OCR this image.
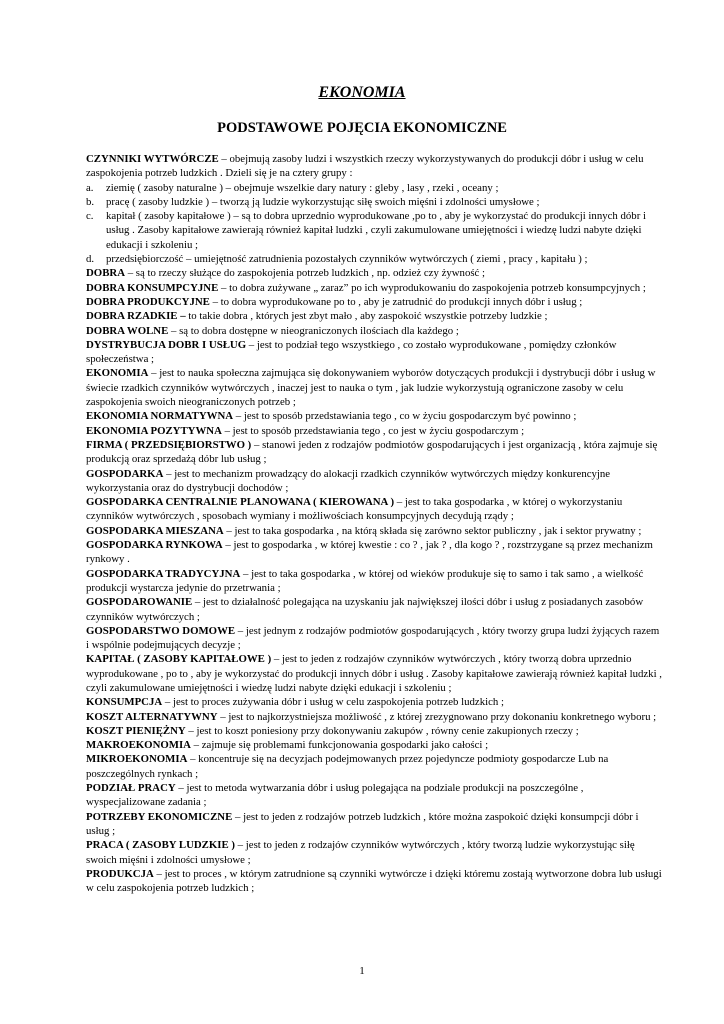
EKONOMIA
PODSTAWOWE POJĘCIA EKONOMICZNE

CZYNNIKI WYTWÓRCZE – obejmują zasoby ludzi i wszystkich rzeczy wykorzystywanych do produkcji dóbr i usług w celu zaspokojenia potrzeb ludzkich . Dzieli się je na cztery grupy :

a. ziemię ( zasoby naturalne ) – obejmuje wszelkie dary natury : gleby , lasy , rzeki , oceany ;
b. pracę ( zasoby ludzkie ) – tworzą ją ludzie wykorzystując siłę swoich mięśni i zdolności umysłowe ;
c. kapitał ( zasoby kapitałowe ) – są to dobra uprzednio wyprodukowane ,po to , aby je wykorzystać do produkcji innych dóbr i usług . Zasoby kapitałowe zawierają również kapitał ludzki , czyli zakumulowane umiejętności i wiedzę ludzi nabyte dzięki edukacji i szkoleniu ;
d. przedsiębiorczość – umiejętność zatrudnienia pozostałych czynników wytwórczych ( ziemi , pracy , kapitału ) ;

DOBRA – są to rzeczy służące do zaspokojenia potrzeb ludzkich , np. odzież czy żywność ;

DOBRA KONSUMPCYJNE – to dobra zużywane „ zaraz” po ich wyprodukowaniu do zaspokojenia potrzeb konsumpcyjnych ;

DOBRA PRODUKCYJNE – to dobra wyprodukowane po to , aby je zatrudnić do produkcji innych dóbr i usług ;

DOBRA RZADKIE – to takie dobra , których jest zbyt mało , aby zaspokoić wszystkie potrzeby ludzkie ;

DOBRA WOLNE – są to dobra dostępne w nieograniczonych ilościach dla każdego ;

DYSTRYBUCJA DOBR I USŁUG – jest to podział tego wszystkiego , co zostało wyprodukowane , pomiędzy członków społeczeństwa ;

EKONOMIA – jest to nauka społeczna zajmująca się dokonywaniem wyborów dotyczących produkcji i dystrybucji dóbr i usług w świecie rzadkich czynników wytwórczych , inaczej jest to nauka o tym , jak ludzie wykorzystują ograniczone zasoby w celu zaspokojenia swoich nieograniczonych potrzeb ;

EKONOMIA NORMATYWNA – jest to sposób przedstawiania tego , co w życiu gospodarczym być powinno ;

EKONOMIA POZYTYWNA – jest to sposób przedstawiania tego , co jest w życiu gospodarczym ;

FIRMA ( PRZEDSIĘBIORSTWO ) – stanowi jeden z rodzajów podmiotów gospodarujących i jest organizacją , która zajmuje się produkcją oraz sprzedażą dóbr lub usług ;

GOSPODARKA – jest to mechanizm prowadzący do alokacji rzadkich czynników wytwórczych między konkurencyjne wykorzystania oraz do dystrybucji dochodów ;

GOSPODARKA CENTRALNIE PLANOWANA ( KIEROWANA ) – jest to taka gospodarka , w której o wykorzystaniu czynników wytwórczych , sposobach wymiany i możliwościach konsumpcyjnych decydują rządy ;

GOSPODARKA MIESZANA – jest to taka gospodarka , na którą składa się zarówno sektor publiczny , jak i sektor prywatny ;

GOSPODARKA RYNKOWA – jest to gospodarka , w której kwestie : co ? , jak ? , dla kogo ? , rozstrzygane są przez mechanizm rynkowy .

GOSPODARKA TRADYCYJNA – jest to taka gospodarka , w której od wieków produkuje się to samo i tak samo , a wielkość produkcji wystarcza jedynie do przetrwania ;

GOSPODAROWANIE – jest to działalność polegająca na uzyskaniu jak największej ilości dóbr i usług z posiadanych zasobów czynników wytwórczych ;

GOSPODARSTWO DOMOWE – jest jednym z rodzajów podmiotów gospodarujących , który tworzy grupa ludzi żyjących razem i wspólnie podejmujących decyzje ;

KAPITAŁ ( ZASOBY KAPITAŁOWE ) – jest to jeden z rodzajów czynników wytwórczych , który tworzą dobra uprzednio wyprodukowane , po to , aby je wykorzystać do produkcji innych dóbr i usług . Zasoby kapitałowe zawierają również kapitał ludzki , czyli zakumulowane umiejętności i wiedzę ludzi nabyte dzięki edukacji i szkoleniu ;

KONSUMPCJA – jest to proces zużywania dóbr i usług w celu zaspokojenia potrzeb ludzkich ;

KOSZT ALTERNATYWNY – jest to najkorzystniejsza możliwość , z której zrezygnowano przy dokonaniu konkretnego wyboru ;

KOSZT PIENIĘŻNY – jest to koszt poniesiony przy dokonywaniu zakupów , równy cenie zakupionych rzeczy ;

MAKROEKONOMIA – zajmuje się problemami funkcjonowania gospodarki jako całości ;

MIKROEKONOMIA – koncentruje się na decyzjach podejmowanych przez pojedyncze podmioty gospodarcze Lub na poszczególnych rynkach ;

PODZIAŁ PRACY – jest to metoda wytwarzania dóbr i usług polegająca na podziale produkcji na poszczególne , wyspecjalizowane zadania ;

POTRZEBY EKONOMICZNE – jest to jeden z rodzajów potrzeb ludzkich , które można zaspokoić dzięki konsumpcji dóbr i usług ;

PRACA ( ZASOBY LUDZKIE ) – jest to jeden z rodzajów czynników wytwórczych , który tworzą ludzie wykorzystując siłę swoich mięśni i zdolności umysłowe ;

PRODUKCJA – jest to proces , w którym zatrudnione są czynniki wytwórcze i dzięki któremu zostają wytworzone dobra lub usługi w celu zaspokojenia potrzeb ludzkich ;

1
